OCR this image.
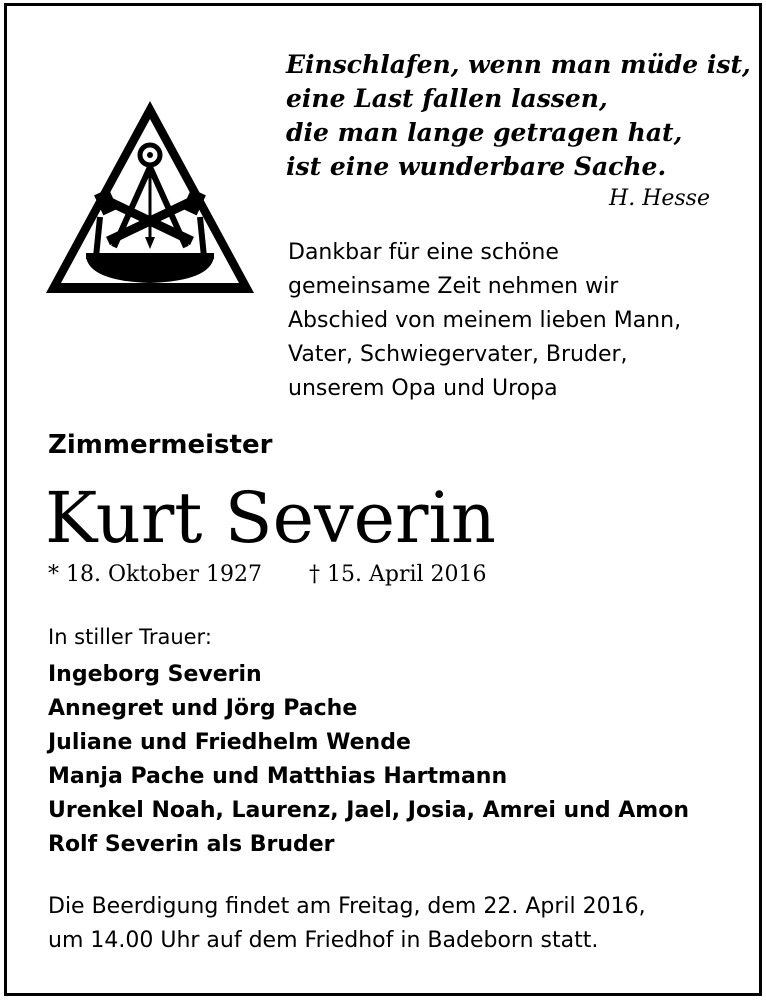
Einschlafen, wenn man müde ist,
eine Last fallen lassen,
die man lange getragen hat,
ist eine wunderbare Sache.
H. Hesse
Dankbar für eine schöne
gemeinsame Zeit nehmen wir
Abschied von meinem lieben Mann,
Vater, Schwiegervater, Bruder,
unserem Opa und Uropa
Zimmermeister
Kurt Severin
* 18. Oktober 1927 † 15. April 2016
In stiller Trauer:
Ingeborg Severin
Annegret und Jörg Pache
Juliane und Friedhelm Wende
Manja Pache und Matthias Hartmann
Urenkel Noah, Laurenz, Jael, Josia, Amrei und Amon
Rolf Severin als Bruder
Die Beerdigung findet am Freitag, dem 22. April 2016,
um 14.00 Uhr auf dem Friedhof in Badeborn statt.
